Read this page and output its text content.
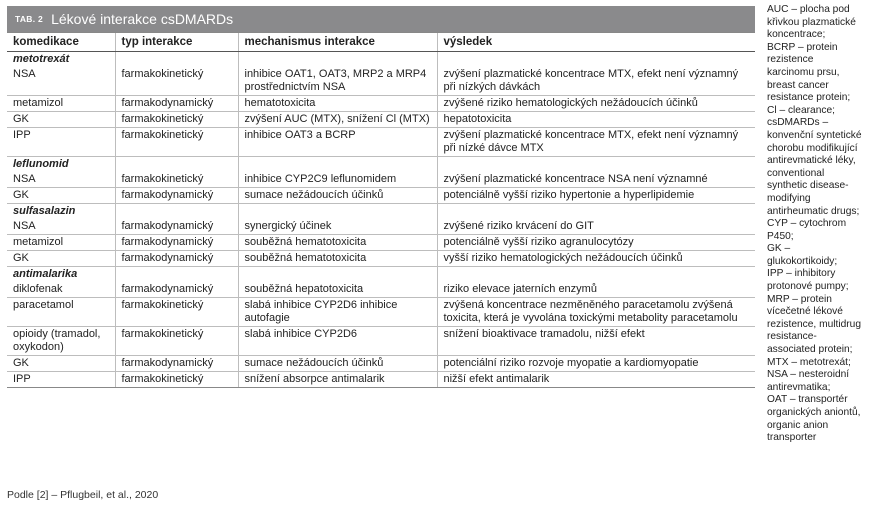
TAB. 2 Lékové interakce csDMARDs
komedikace	typ interakce	mechanismus interakce	výsledek
metotrexát			
NSA	farmakokinetický	inhibice OAT1, OAT3, MRP2 a MRP4 prostřednictvím NSA	zvýšení plazmatické koncentrace MTX, efekt není významný při nízkých dávkách
metamizol	farmakodynamický	hematotoxicita	zvýšené riziko hematologických nežádoucích účinků
GK	farmakokinetický	zvýšení AUC (MTX), snížení Cl (MTX)	hepatotoxicita
IPP	farmakokinetický	inhibice OAT3 a BCRP	zvýšení plazmatické koncentrace MTX, efekt není významný při nízké dávce MTX
leflunomid			
NSA	farmakokinetický	inhibice CYP2C9 leflunomidem	zvýšení plazmatické koncentrace NSA není významné
GK	farmakodynamický	sumace nežádoucích účinků	potenciálně vyšší riziko hypertonie a hyperlipidemie
sulfasalazin			
NSA	farmakodynamický	synergický účinek	zvýšené riziko krvácení do GIT
metamizol	farmakodynamický	souběžná hematotoxicita	potenciálně vyšší riziko agranulocytózy
GK	farmakodynamický	souběžná hematotoxicita	vyšší riziko hematologických nežádoucích účinků
antimalarika			
diklofenak	farmakodynamický	souběžná hepatotoxicita	riziko elevace jaterních enzymů
paracetamol	farmakokinetický	slabá inhibice CYP2D6 inhibice autofagie	zvýšená koncentrace nezměněného paracetamolu zvýšená toxicita, která je vyvolána toxickými metabolity paracetamolu
opioidy (tramadol, oxykodon)	farmakokinetický	slabá inhibice CYP2D6	snížení bioaktivace tramadolu, nižší efekt
GK	farmakodynamický	sumace nežádoucích účinků	potenciální riziko rozvoje myopatie a kardiomyopatie
IPP	farmakokinetický	snížení absorpce antimalarik	nižší efekt antimalarik
AUC – plocha pod křivkou plazmatické koncentrace;
BCRP – protein rezistence karcinomu prsu, breast cancer resistance protein;
Cl – clearance;
csDMARDs – konvenční syntetické chorobu modifikující antirevmatické léky, conventional synthetic disease-modifying antirheumatic drugs;
CYP – cytochrom P450;
GK – glukokortikoidy;
IPP – inhibitory protonové pumpy;
MRP – protein vícečetné lékové rezistence, multidrug resistance-associated protein;
MTX – metotrexát;
NSA – nesteroidní antirevmatika;
OAT – transportér organických aniontů, organic anion transporter
Podle [2] – Pflugbeil, et al., 2020
